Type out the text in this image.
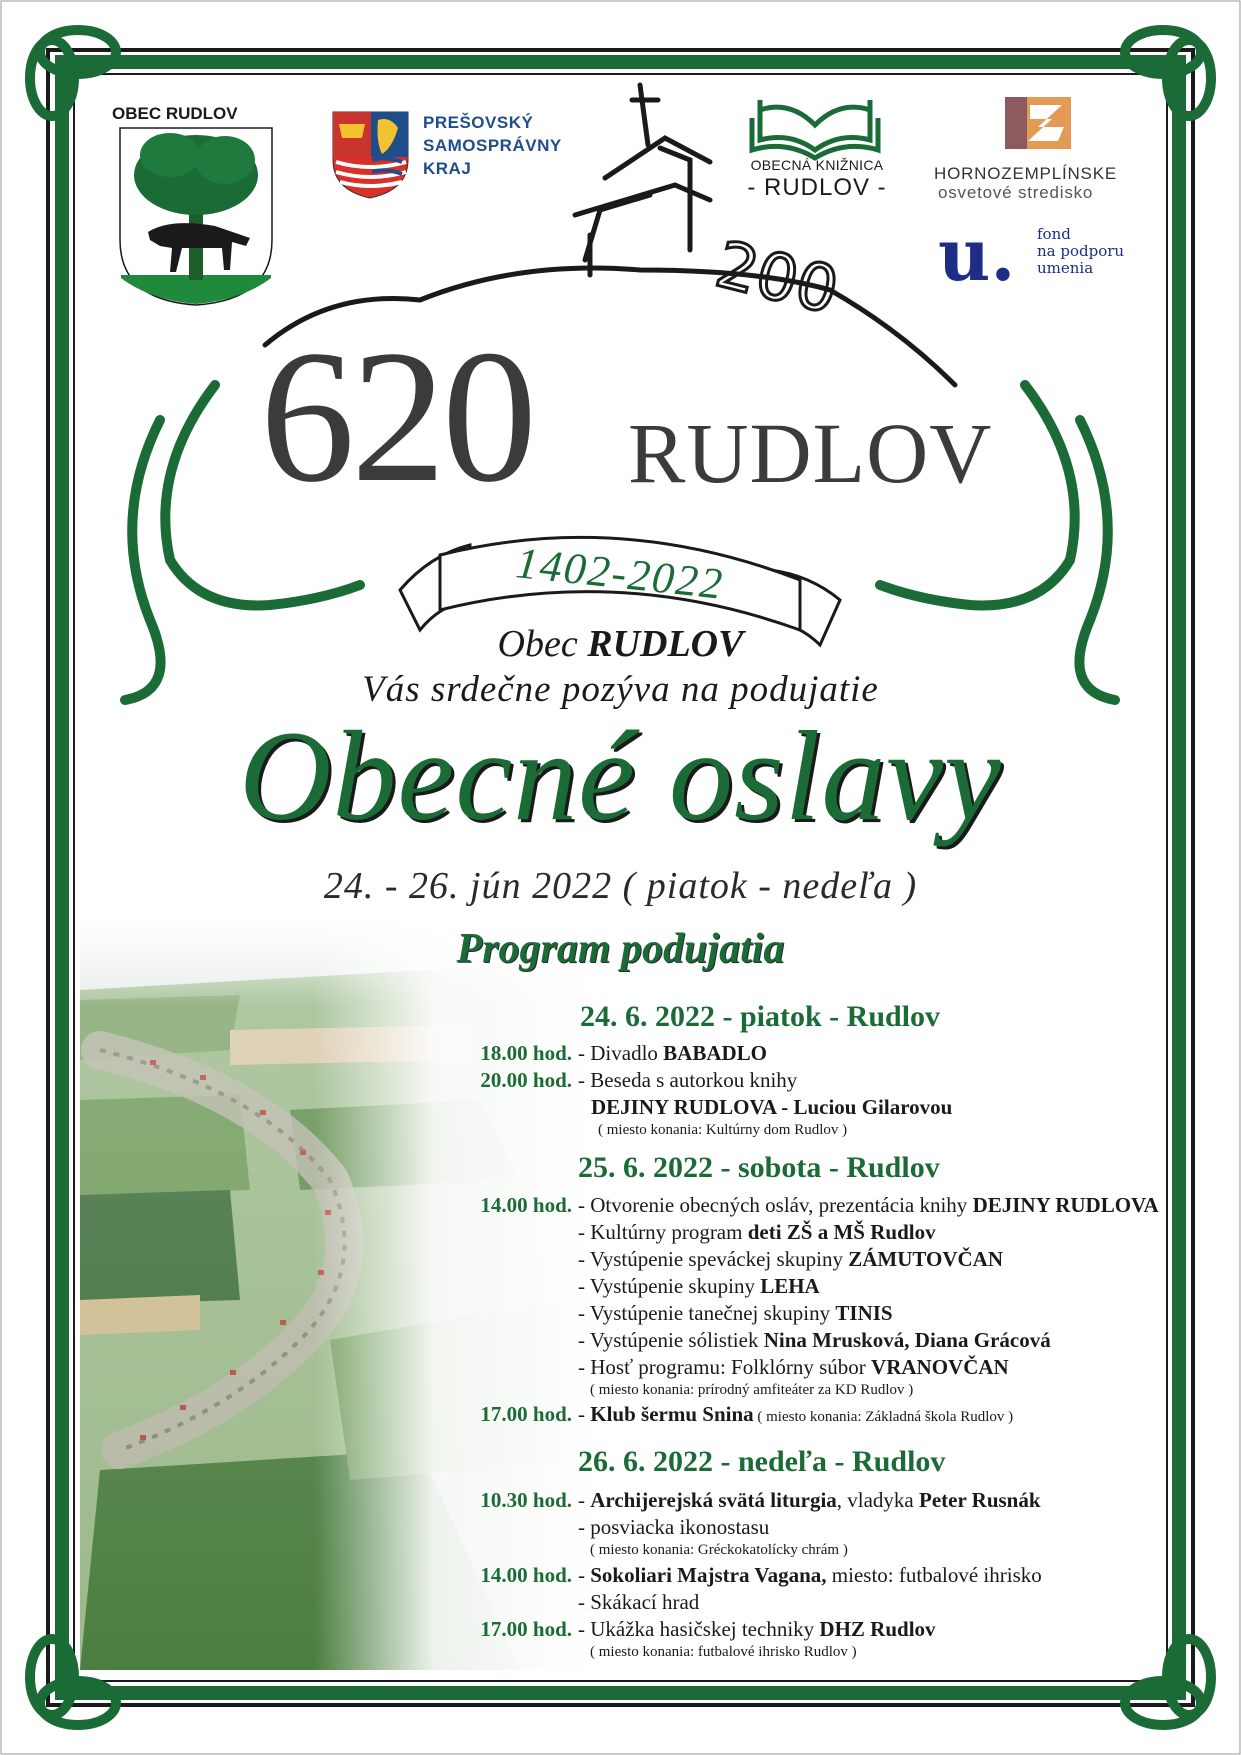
u.
200
OBEC RUDLOV	PREŠOVSKÝ
SAMOSPRÁVNY
KRAJ	OBECNÁ KNIŽNICA
- RUDLOV -
HORNOZEMPLÍNSKE
osvetové stredisko
fond
na podporu
umenia
620 RUDLOV
1402-2022
Obec RUDLOV
Vás srdečne pozýva na podujatie
Obecné oslavy
24. - 26. jún 2022 ( piatok - nedeľa )
Program podujatia
24. 6. 2022 - piatok - Rudlov
18.00 hod. - Divadlo BABADLO
20.00 hod. - Beseda s autorkou knihy
DEJINY RUDLOVA - Luciou Gilarovou
( miesto konania: Kultúrny dom Rudlov )
25. 6. 2022 - sobota - Rudlov
14.00 hod. - Otvorenie obecných osláv, prezentácia knihy DEJINY RUDLOVA
- Kultúrny program deti ZŠ a MŠ Rudlov
- Vystúpenie speváckej skupiny ZÁMUTOVČAN
- Vystúpenie skupiny LEHA
- Vystúpenie tanečnej skupiny TINIS
- Vystúpenie sólistiek Nina Mrusková, Diana Grácová
- Hosť programu: Folklórny súbor VRANOVČAN
( miesto konania: prírodný amfiteáter za KD Rudlov )
17.00 hod. - Klub šermu Snina ( miesto konania: Základná škola Rudlov )
26. 6. 2022 - nedeľa - Rudlov
10.30 hod. - Archijerejská svätá liturgia, vladyka Peter Rusnák
- posviacka ikonostasu
( miesto konania: Gréckokatolícky chrám )
14.00 hod. - Sokoliari Majstra Vagana, miesto: futbalové ihrisko
- Skákací hrad
17.00 hod. - Ukážka hasičskej techniky DHZ Rudlov
( miesto konania: futbalové ihrisko Rudlov )
